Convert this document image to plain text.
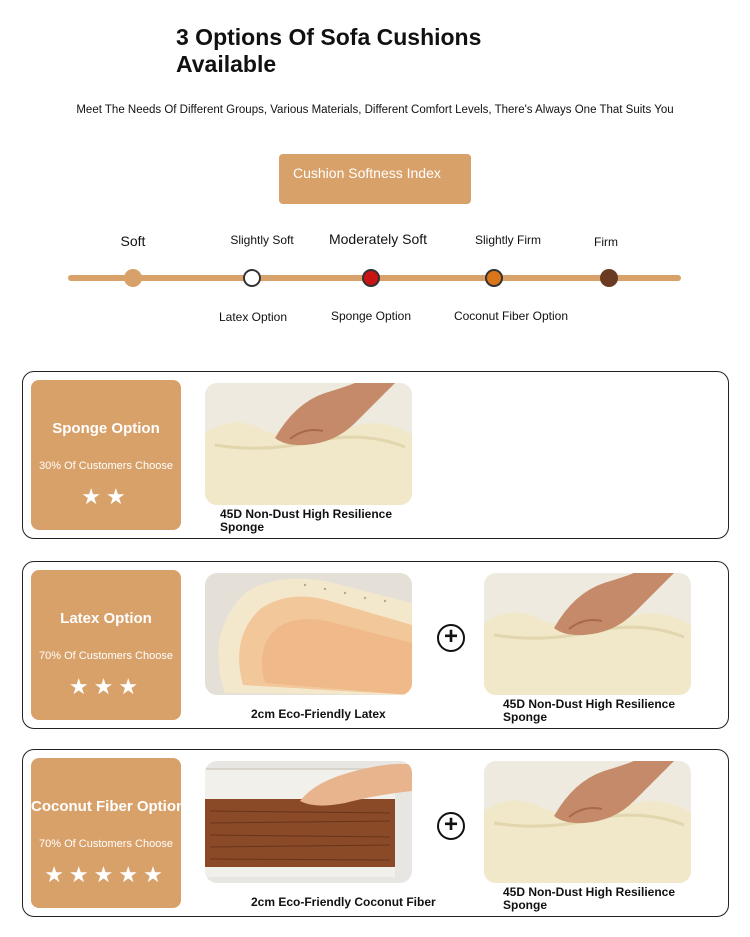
3 Options Of Sofa Cushions Available
Meet The Needs Of Different Groups, Various Materials, Different Comfort Levels, There's Always One That Suits You
Cushion Softness Index
Soft	Slightly Soft	Moderately Soft	Slightly Firm	Firm
Latex Option	Sponge Option	Coconut Fiber Option
Sponge Option
30% Of Customers Choose
★★
45D Non-Dust High Resilience Sponge
Latex Option
70% Of Customers Choose
★★★
2cm Eco-Friendly Latex
+
45D Non-Dust High Resilience Sponge
Coconut Fiber Option
70% Of Customers Choose
★★★★★
2cm Eco-Friendly Coconut Fiber
+
45D Non-Dust High Resilience Sponge
